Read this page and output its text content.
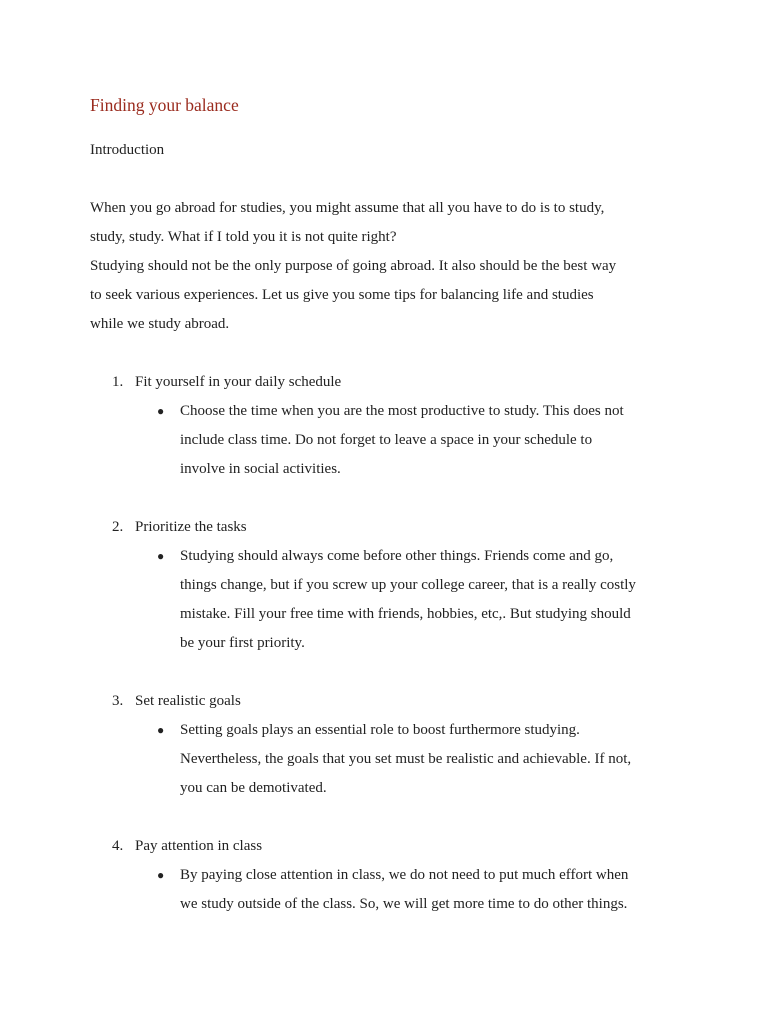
Finding your balance
Introduction
When you go abroad for studies, you might assume that all you have to do is to study,
study, study. What if I told you it is not quite right?
Studying should not be the only purpose of going abroad. It also should be the best way
to seek various experiences. Let us give you some tips for balancing life and studies
while we study abroad.
1. Fit yourself in your daily schedule
● Choose the time when you are the most productive to study. This does not
include class time. Do not forget to leave a space in your schedule to
involve in social activities.
2. Prioritize the tasks
● Studying should always come before other things. Friends come and go,
things change, but if you screw up your college career, that is a really costly
mistake. Fill your free time with friends, hobbies, etc,. But studying should
be your first priority.
3. Set realistic goals
● Setting goals plays an essential role to boost furthermore studying.
Nevertheless, the goals that you set must be realistic and achievable. If not,
you can be demotivated.
4. Pay attention in class
● By paying close attention in class, we do not need to put much effort when
we study outside of the class. So, we will get more time to do other things.
